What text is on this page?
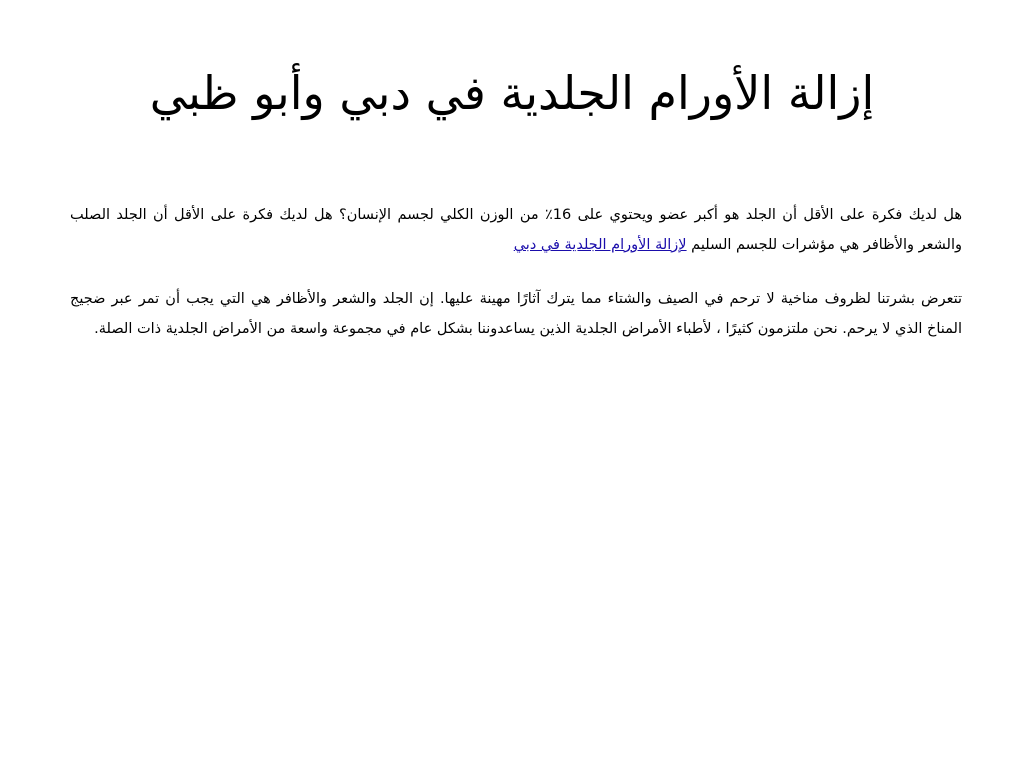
إزالة الأورام الجلدية في دبي وأبو ظبي

هل لديك فكرة على الأقل أن الجلد هو أكبر عضو ويحتوي على 16٪ من الوزن الكلي لجسم الإنسان؟ هل لديك فكرة على الأقل أن الجلد الصلب والشعر والأظافر هي مؤشرات للجسم السليم لإزالة الأورام الجلدية في دبي

تتعرض بشرتنا لظروف مناخية لا ترحم في الصيف والشتاء مما يترك آثارًا مهينة عليها. إن الجلد والشعر والأظافر هي التي يجب أن تمر عبر ضجيج المناخ الذي لا يرحم. نحن ملتزمون كثيرًا ، لأطباء الأمراض الجلدية الذين يساعدوننا بشكل عام في مجموعة واسعة من الأمراض الجلدية ذات الصلة.
